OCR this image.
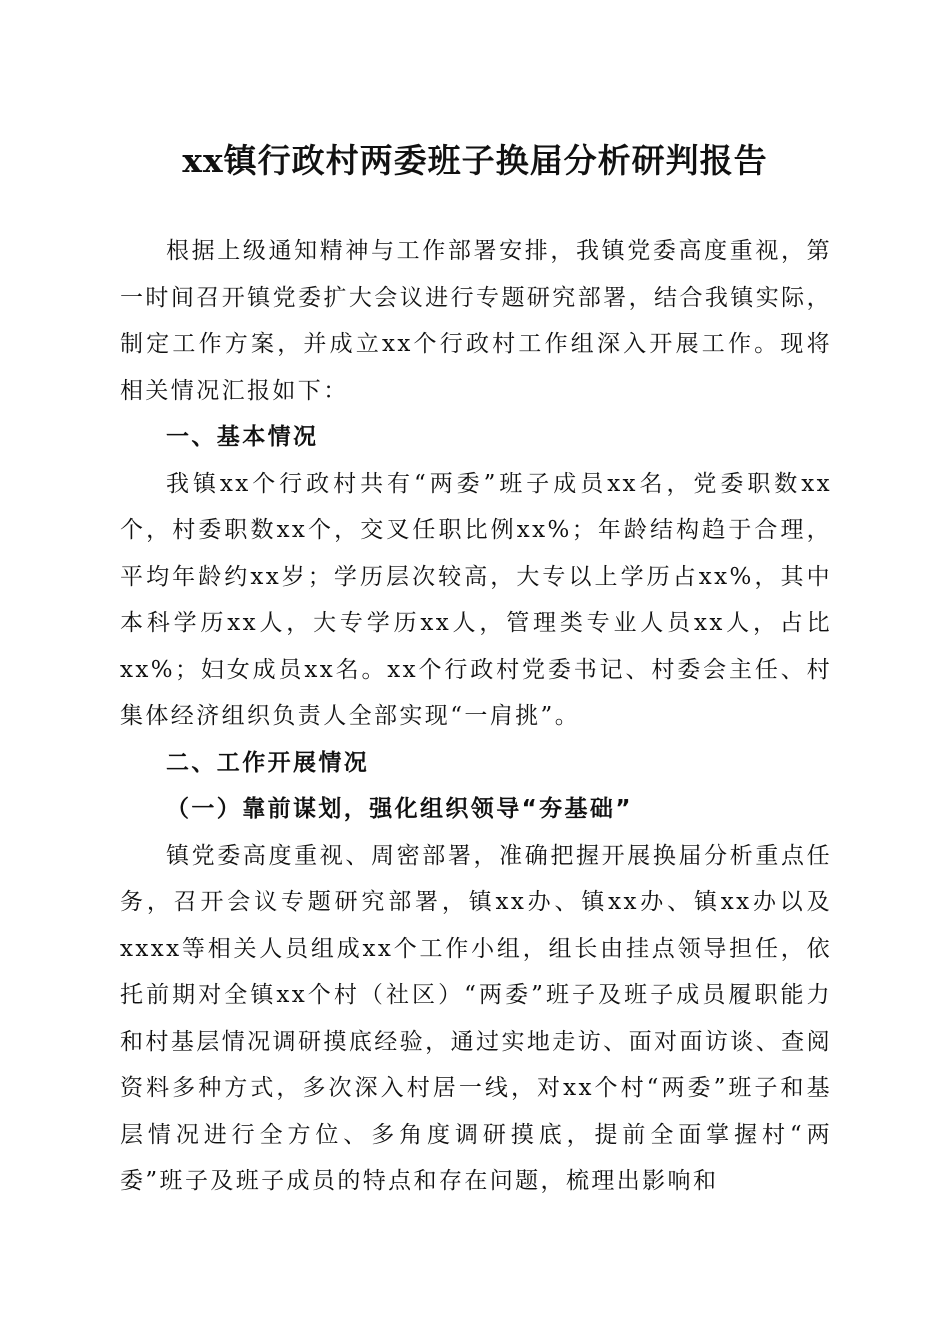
xx镇行政村两委班子换届分析研判报告

根据上级通知精神与工作部署安排，我镇党委高度重视，第一时间召开镇党委扩大会议进行专题研究部署，结合我镇实际，制定工作方案，并成立xx个行政村工作组深入开展工作。现将相关情况汇报如下：

一、基本情况

我镇xx个行政村共有“两委”班子成员xx名，党委职数xx个，村委职数xx个，交叉任职比例xx%；年龄结构趋于合理，平均年龄约xx岁；学历层次较高，大专以上学历占xx%，其中本科学历xx人，大专学历xx人，管理类专业人员xx人，占比xx%；妇女成员xx名。xx个行政村党委书记、村委会主任、村集体经济组织负责人全部实现“一肩挑”。

二、工作开展情况

（一）靠前谋划，强化组织领导“夯基础”

镇党委高度重视、周密部署，准确把握开展换届分析重点任务，召开会议专题研究部署，镇xx办、镇xx办、镇xx办以及xxxx等相关人员组成xx个工作小组，组长由挂点领导担任，依托前期对全镇xx个村（社区）“两委”班子及班子成员履职能力和村基层情况调研摸底经验，通过实地走访、面对面访谈、查阅资料多种方式，多次深入村居一线，对xx个村“两委”班子和基层情况进行全方位、多角度调研摸底，提前全面掌握村“两委”班子及班子成员的特点和存在问题，梳理出影响和
